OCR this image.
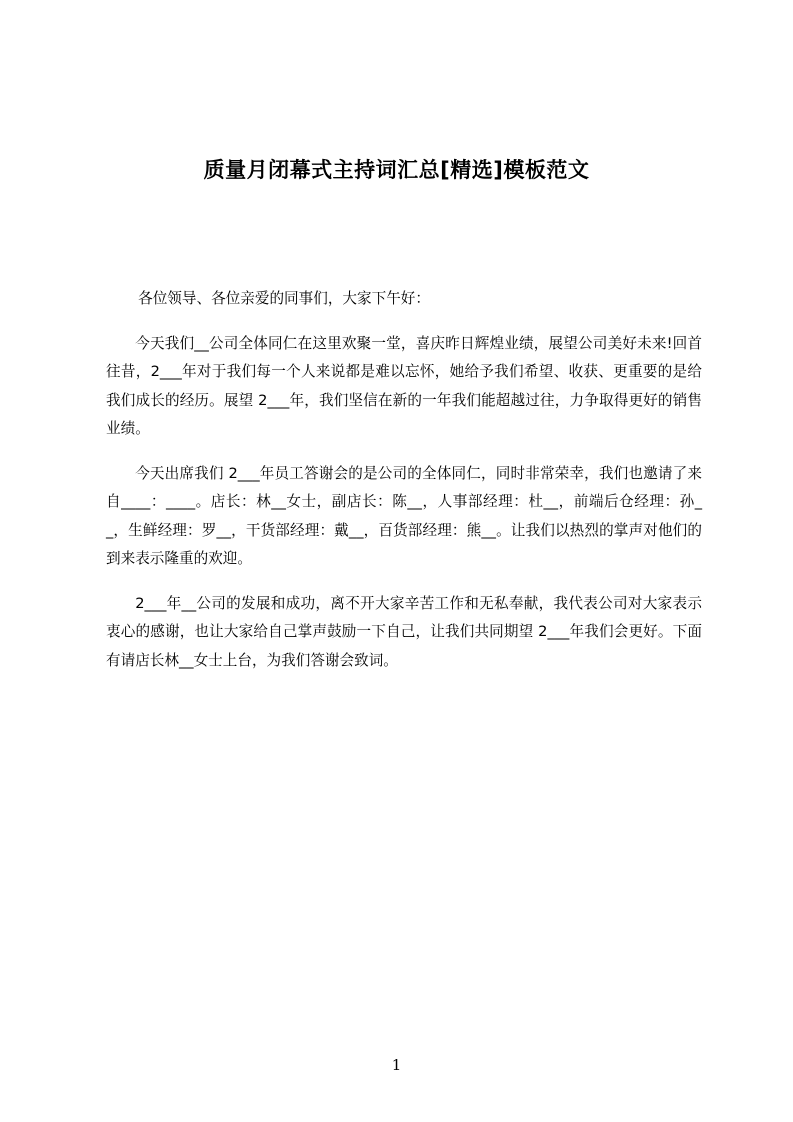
质量月闭幕式主持词汇总[精选]模板范文

各位领导、各位亲爱的同事们，大家下午好：

今天我们__公司全体同仁在这里欢聚一堂，喜庆昨日辉煌业绩，展望公司美好未来!回首往昔，2___年对于我们每一个人来说都是难以忘怀，她给予我们希望、收获、更重要的是给我们成长的经历。展望 2___年，我们坚信在新的一年我们能超越过往，力争取得更好的销售业绩。

今天出席我们 2___年员工答谢会的是公司的全体同仁，同时非常荣幸，我们也邀请了来自____：____。店长：林__女士，副店长：陈__，人事部经理：杜__，前端后仓经理：孙__，生鲜经理：罗__，干货部经理：戴__，百货部经理：熊__。让我们以热烈的掌声对他们的到来表示隆重的欢迎。

2___年__公司的发展和成功，离不开大家辛苦工作和无私奉献，我代表公司对大家表示衷心的感谢，也让大家给自己掌声鼓励一下自己，让我们共同期望 2___年我们会更好。下面有请店长林__女士上台，为我们答谢会致词。

1
